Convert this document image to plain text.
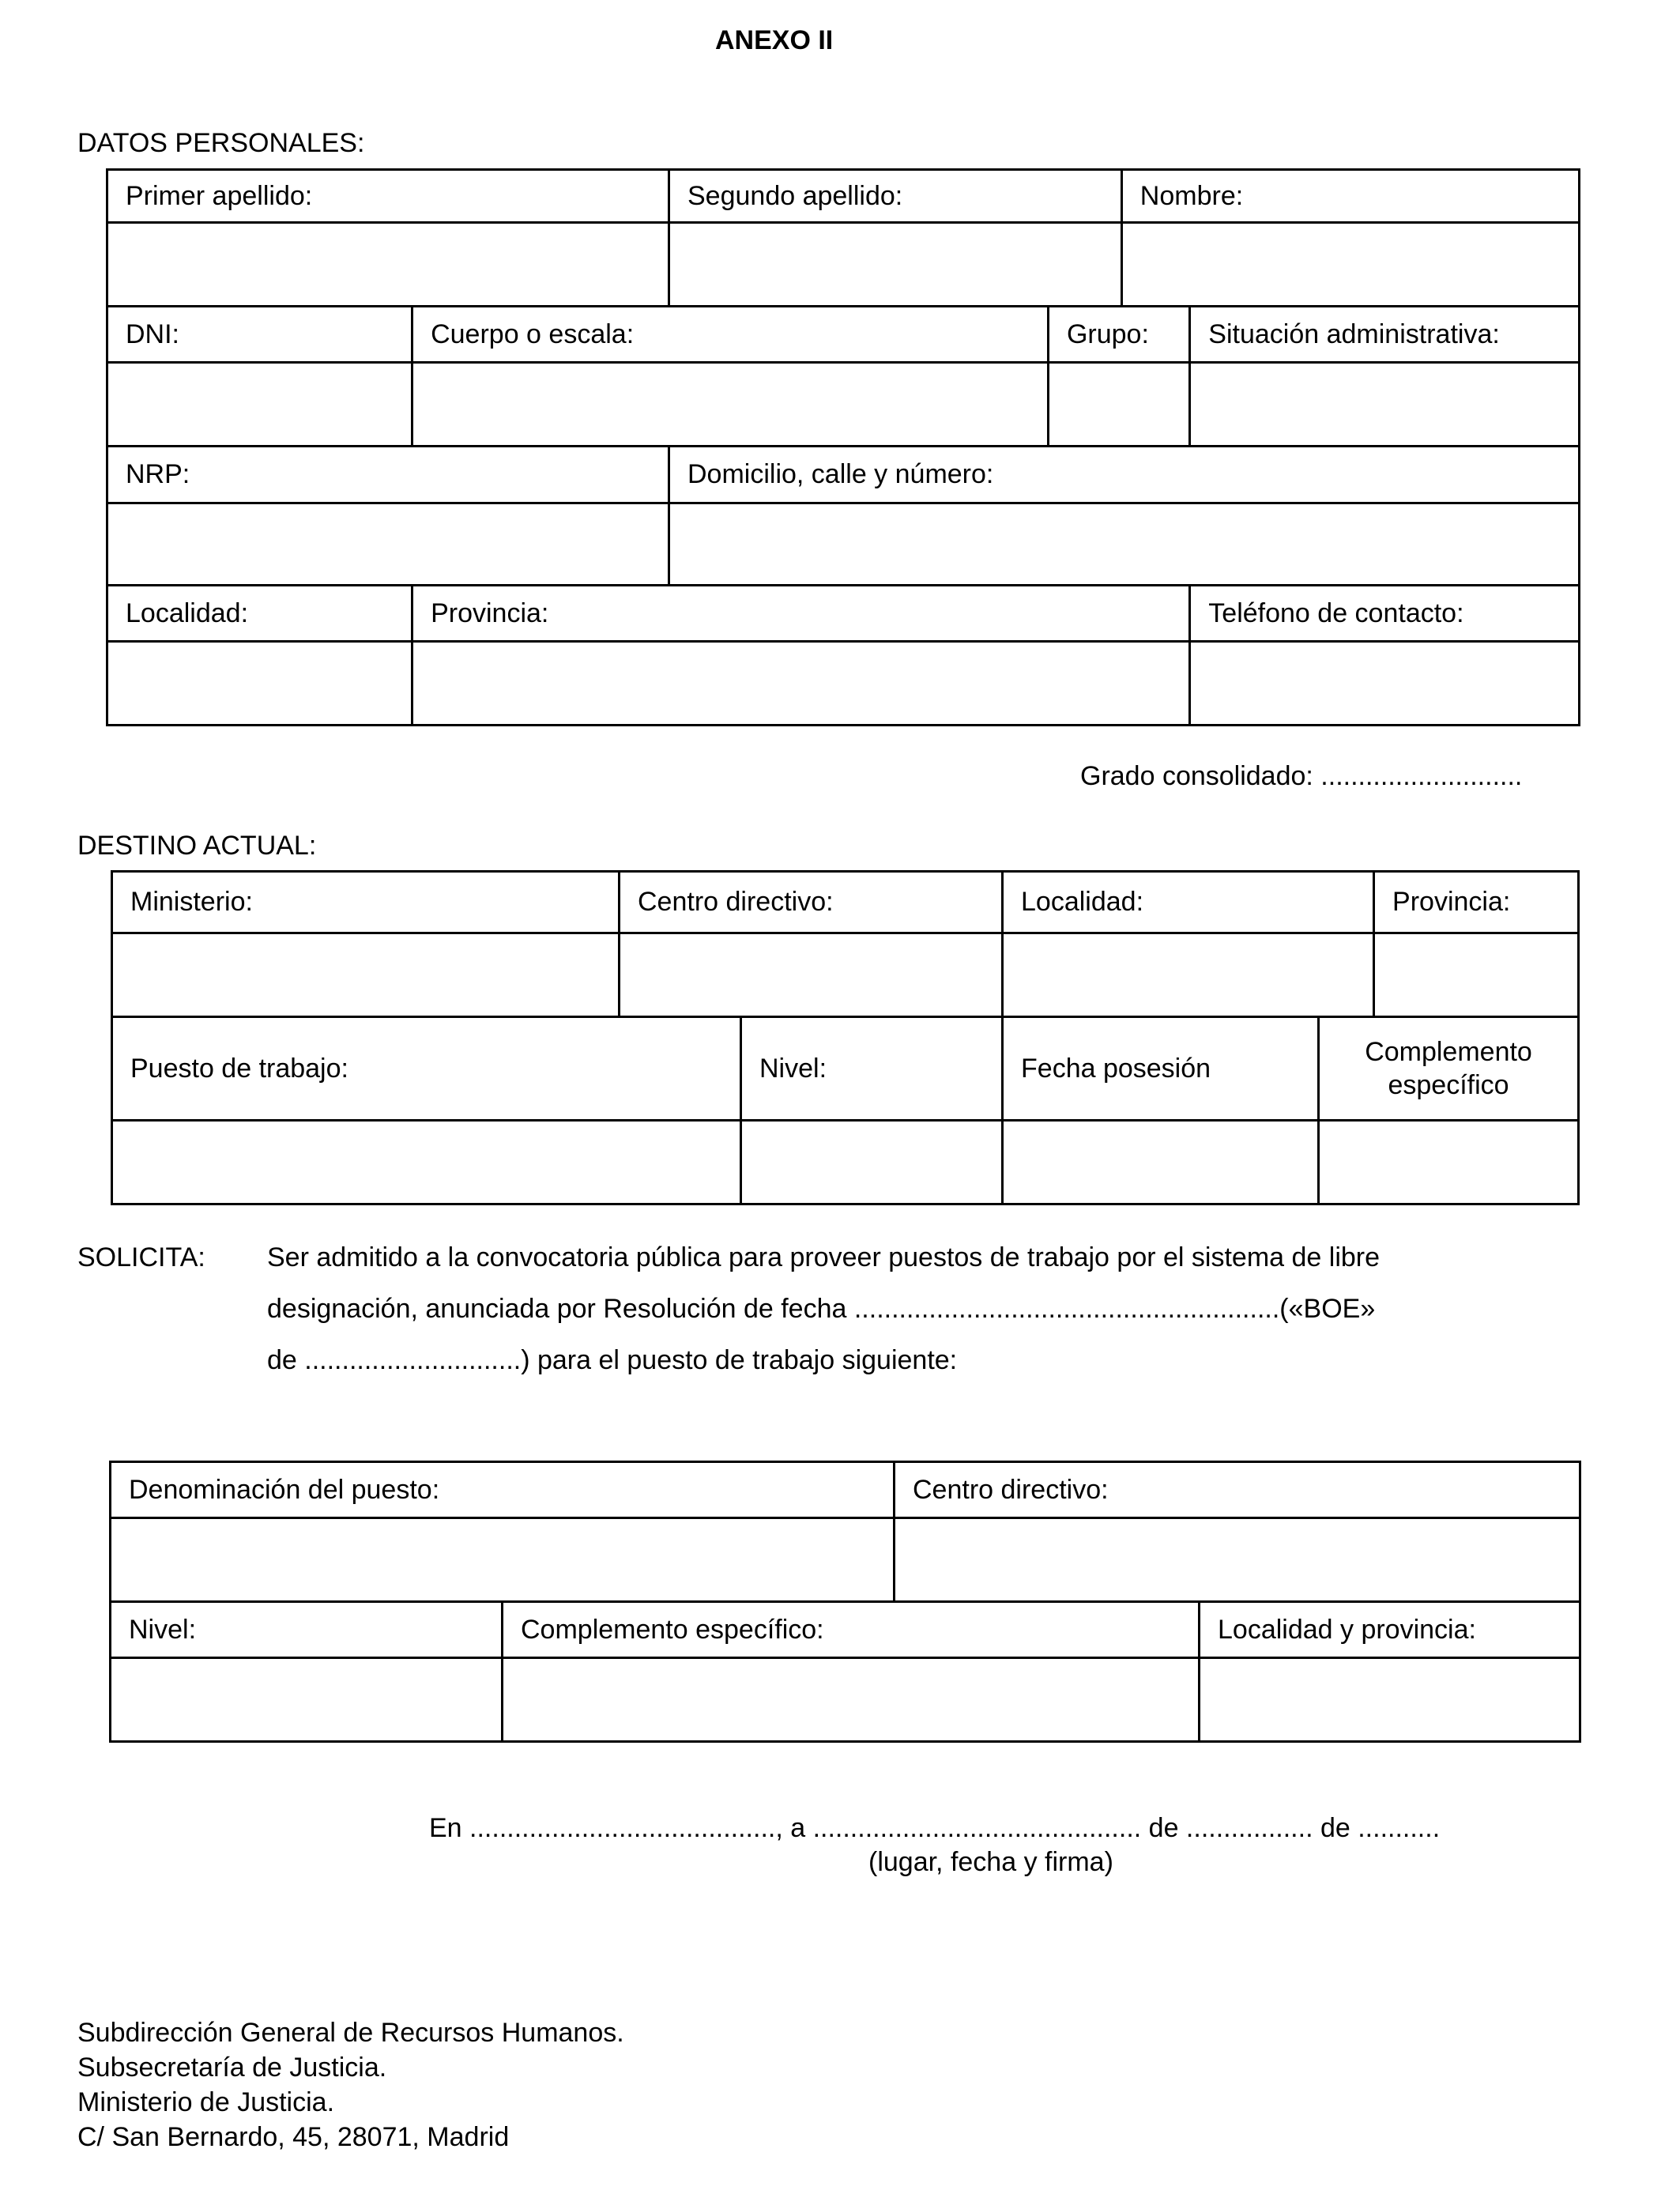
ANEXO II
DATOS PERSONALES:
Primer apellido:		Segundo apellido:		Nombre:	

DNI:	Cuerpo o escala:		Grupo:		Situación administrativa:

NRP:		Domicilio, calle y número:			

Localidad:	Provincia:				Teléfono de contacto:

Grado consolidado: ...........................
DESTINO ACTUAL:
Ministerio:	Centro directivo:		Localidad:		Provincia:

Puesto de trabajo:		Nivel:	Fecha posesión	Complemento
específico	

SOLICITA: Ser admitido a la convocatoria pública para proveer puestos de trabajo por el sistema de libre
designación, anunciada por Resolución de fecha .........................................................(«BOE»
de .............................) para el puesto de trabajo siguiente:
Denominación del puesto:		Centro directivo:	

Nivel:	Complemento específico:		Localidad y provincia:

En ........................................., a ............................................ de ................. de ...........
(lugar, fecha y firma)
Subdirección General de Recursos Humanos.
Subsecretaría de Justicia.
Ministerio de Justicia.
C/ San Bernardo, 45, 28071, Madrid
